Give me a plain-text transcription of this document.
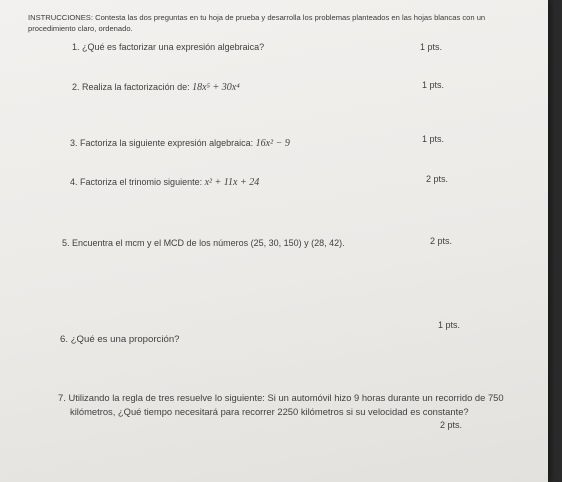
INSTRUCCIONES: Contesta las dos preguntas en tu hoja de prueba y desarrolla los problemas planteados en las hojas blancas con un procedimiento claro, ordenado.
1. ¿Qué es factorizar una expresión algebraica?	1 pts.
2. Realiza la factorización de: 18x⁵ + 30x⁴	1 pts.
3. Factoriza la siguiente expresión algebraica: 16x² − 9	1 pts.
4. Factoriza el trinomio siguiente: x² + 11x + 24	2 pts.
5. Encuentra el mcm y el MCD de los números (25, 30, 150) y (28, 42).	2 pts.
6. ¿Qué es una proporción?
1 pts.
7. Utilizando la regla de tres resuelve lo siguiente: Si un automóvil hizo 9 horas durante un recorrido de 750 kilómetros, ¿Qué tiempo necesitará para recorrer 2250 kilómetros si su velocidad es constante?
2 pts.
